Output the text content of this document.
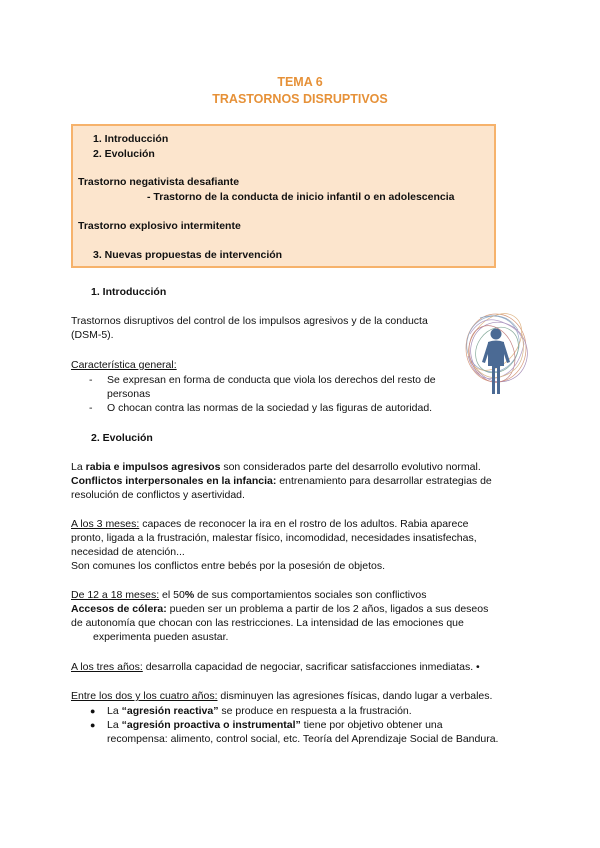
TEMA 6
TRASTORNOS DISRUPTIVOS
1. Introducción
2. Evolución
Trastorno negativista desafiante
- Trastorno de la conducta de inicio infantil o en adolescencia
Trastorno explosivo intermitente
3. Nuevas propuestas de intervención
1. Introducción
Trastornos disruptivos del control de los impulsos agresivos y de la conducta
(DSM-5).
Característica general:
- Se expresan en forma de conducta que viola los derechos del resto de
personas
- O chocan contra las normas de la sociedad y las figuras de autoridad.
2. Evolución
La rabia e impulsos agresivos son considerados parte del desarrollo evolutivo normal.
Conflictos interpersonales en la infancia: entrenamiento para desarrollar estrategias de
resolución de conflictos y asertividad.
A los 3 meses: capaces de reconocer la ira en el rostro de los adultos. Rabia aparece
pronto, ligada a la frustración, malestar físico, incomodidad, necesidades insatisfechas,
necesidad de atención...
Son comunes los conflictos entre bebés por la posesión de objetos.
De 12 a 18 meses: el 50% de sus comportamientos sociales son conflictivos
Accesos de cólera: pueden ser un problema a partir de los 2 años, ligados a sus deseos
de autonomía que chocan con las restricciones. La intensidad de las emociones que
experimenta pueden asustar.
A los tres años: desarrolla capacidad de negociar, sacrificar satisfacciones inmediatas. •
Entre los dos y los cuatro años: disminuyen las agresiones físicas, dando lugar a verbales.
● La “agresión reactiva” se produce en respuesta a la frustración.
● La “agresión proactiva o instrumental” tiene por objetivo obtener una
recompensa: alimento, control social, etc. Teoría del Aprendizaje Social de Bandura.
